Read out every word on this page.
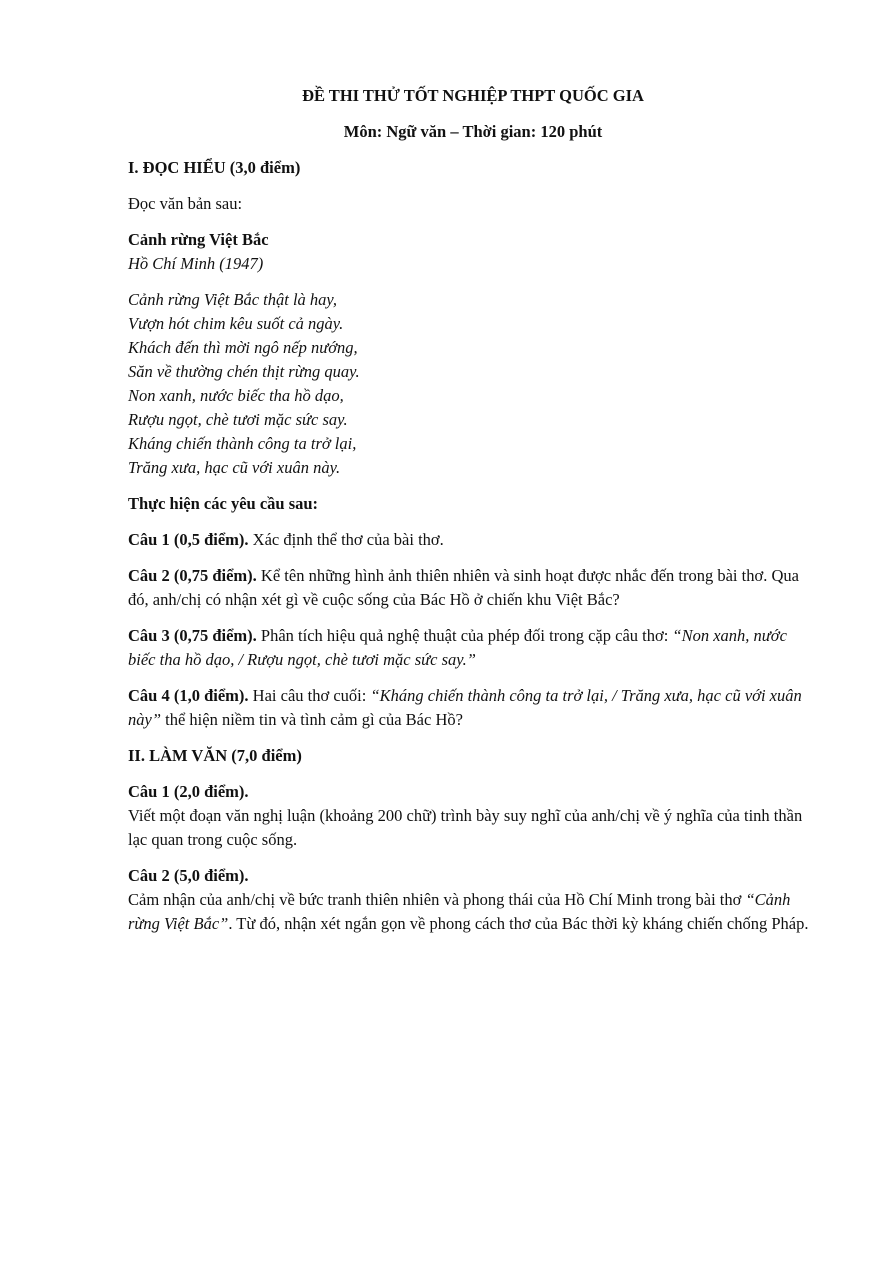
ĐỀ THI THỬ TỐT NGHIỆP THPT QUỐC GIA

Môn: Ngữ văn – Thời gian: 120 phút

I. ĐỌC HIỂU (3,0 điểm)

Đọc văn bản sau:

Cảnh rừng Việt Bắc

Hồ Chí Minh (1947)

Cảnh rừng Việt Bắc thật là hay,

Vượn hót chim kêu suốt cả ngày.

Khách đến thì mời ngô nếp nướng,

Săn về thường chén thịt rừng quay.

Non xanh, nước biếc tha hồ dạo,

Rượu ngọt, chè tươi mặc sức say.

Kháng chiến thành công ta trở lại,

Trăng xưa, hạc cũ với xuân này.

Thực hiện các yêu cầu sau:

Câu 1 (0,5 điểm). Xác định thể thơ của bài thơ.

Câu 2 (0,75 điểm). Kể tên những hình ảnh thiên nhiên và sinh hoạt được nhắc đến trong bài thơ. Qua đó, anh/chị có nhận xét gì về cuộc sống của Bác Hồ ở chiến khu Việt Bắc?

Câu 3 (0,75 điểm). Phân tích hiệu quả nghệ thuật của phép đối trong cặp câu thơ: “Non xanh, nước biếc tha hồ dạo, / Rượu ngọt, chè tươi mặc sức say.”

Câu 4 (1,0 điểm). Hai câu thơ cuối: “Kháng chiến thành công ta trở lại, / Trăng xưa, hạc cũ với xuân này” thể hiện niềm tin và tình cảm gì của Bác Hồ?

II. LÀM VĂN (7,0 điểm)

Câu 1 (2,0 điểm).

Viết một đoạn văn nghị luận (khoảng 200 chữ) trình bày suy nghĩ của anh/chị về ý nghĩa của tinh thần lạc quan trong cuộc sống.

Câu 2 (5,0 điểm).

Cảm nhận của anh/chị về bức tranh thiên nhiên và phong thái của Hồ Chí Minh trong bài thơ “Cảnh rừng Việt Bắc”. Từ đó, nhận xét ngắn gọn về phong cách thơ của Bác thời kỳ kháng chiến chống Pháp.
